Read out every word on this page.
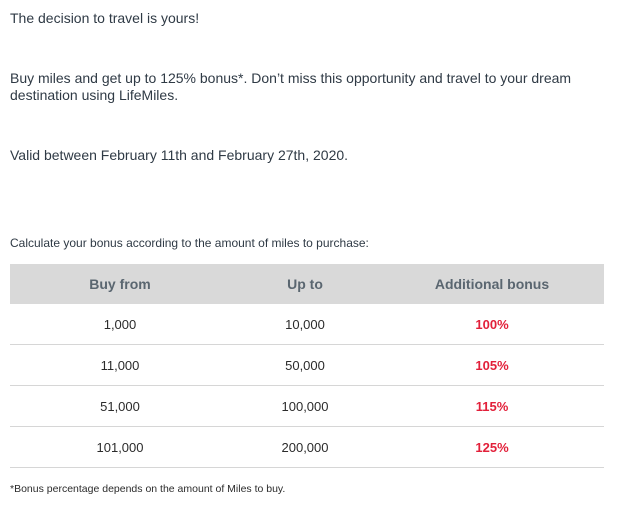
The decision to travel is yours!

Buy miles and get up to 125% bonus*. Don’t miss this opportunity and travel to your dream destination using LifeMiles.

Valid between February 11th and February 27th, 2020.

Calculate your bonus according to the amount of miles to purchase:

Buy from	Up to	Additional bonus
1,000	10,000	100%
11,000	50,000	105%
51,000	100,000	115%
101,000	200,000	125%

*Bonus percentage depends on the amount of Miles to buy.
